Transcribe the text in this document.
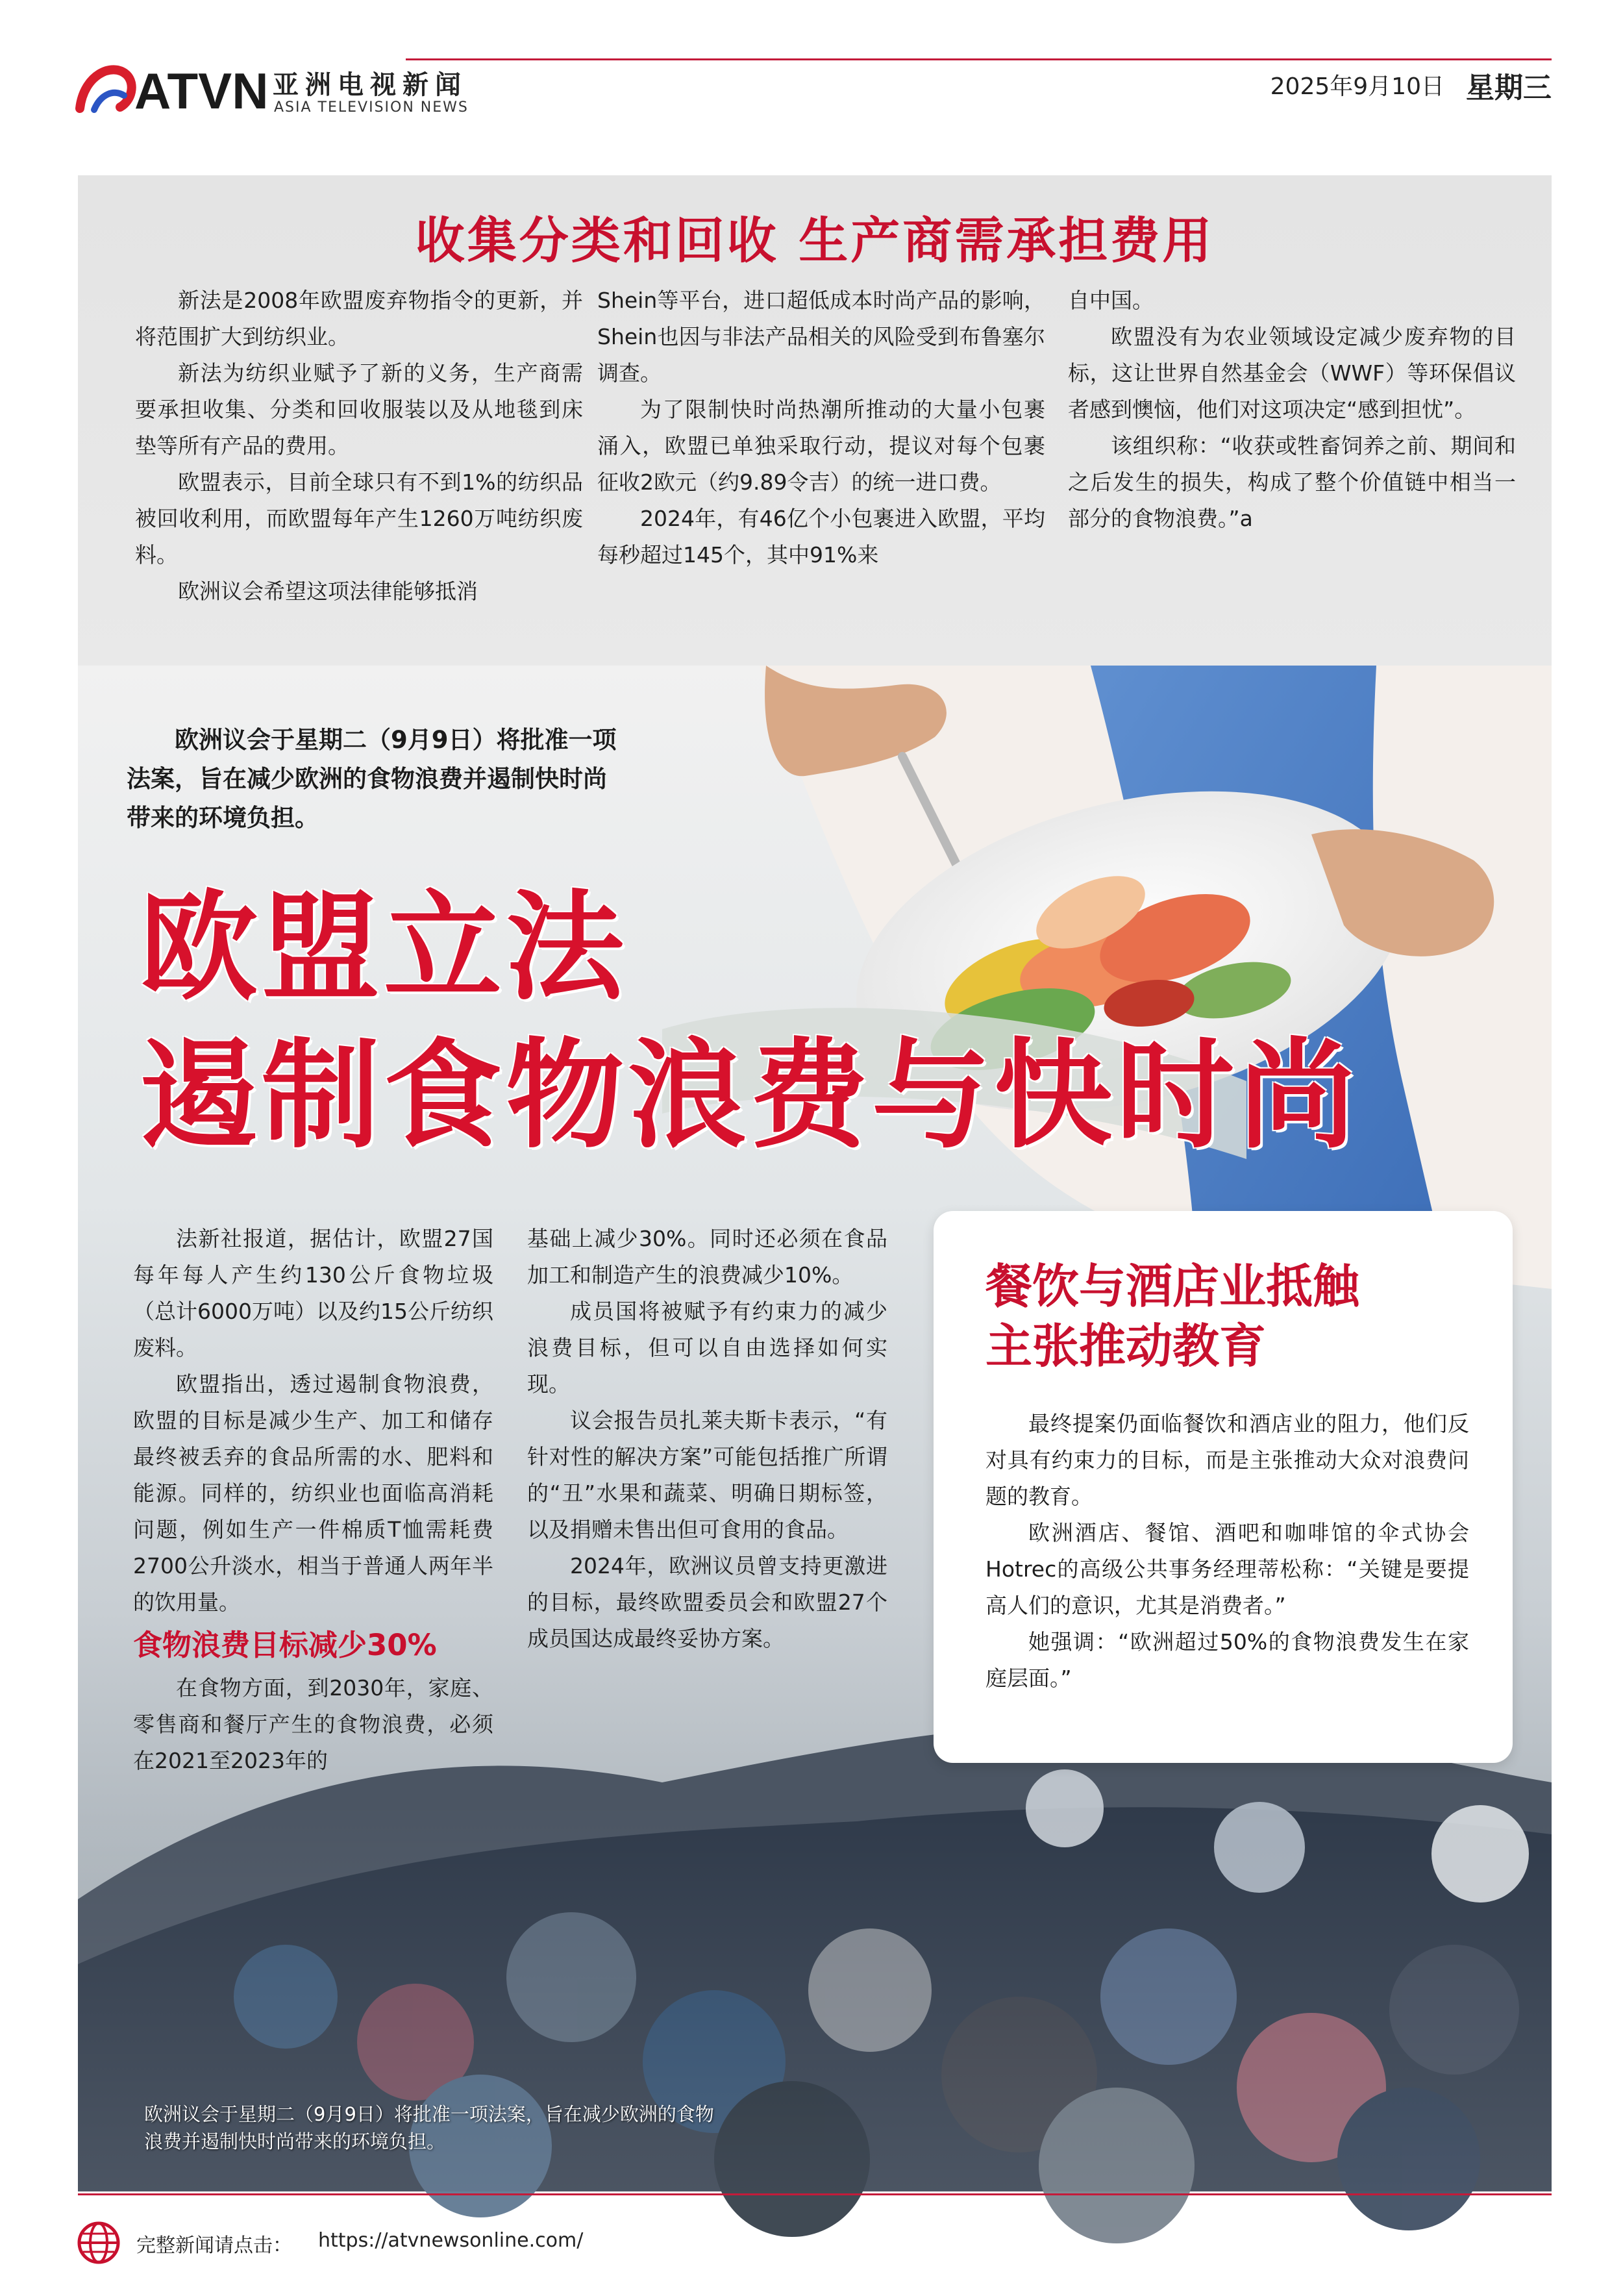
ATVN 亚洲电视新闻
ASIA TELEVISION NEWS
2025年9月10日 星期三
收集分类和回收 生产商需承担费用

新法是2008年欧盟废弃物指令的更新，并将范围扩大到纺织业。

新法为纺织业赋予了新的义务，生产商需要承担收集、分类和回收服装以及从地毯到床垫等所有产品的费用。

欧盟表示，目前全球只有不到1%的纺织品被回收利用，而欧盟每年产生1260万吨纺织废料。

欧洲议会希望这项法律能够抵消

Shein等平台，进口超低成本时尚产品的影响，Shein也因与非法产品相关的风险受到布鲁塞尔调查。

为了限制快时尚热潮所推动的大量小包裹涌入，欧盟已单独采取行动，提议对每个包裹征收2欧元（约9.89令吉）的统一进口费。

2024年，有46亿个小包裹进入欧盟，平均每秒超过145个，其中91%来

自中国。

欧盟没有为农业领域设定减少废弃物的目标，这让世界自然基金会（WWF）等环保倡议者感到懊恼，他们对这项决定“感到担忧”。

该组织称：“收获或牲畜饲养之前、期间和之后发生的损失，构成了整个价值链中相当一部分的食物浪费。”a

欧洲议会于星期二（9月9日）将批准一项法案，旨在减少欧洲的食物浪费并遏制快时尚带来的环境负担。

欧盟立法
遏制食物浪费与快时尚

法新社报道，据估计，欧盟27国每年每人产生约130公斤食物垃圾（总计6000万吨）以及约15公斤纺织废料。

欧盟指出，透过遏制食物浪费，欧盟的目标是减少生产、加工和储存最终被丢弃的食品所需的水、肥料和能源。同样的，纺织业也面临高消耗问题，例如生产一件棉质T恤需耗费2700公升淡水，相当于普通人两年半的饮用量。

食物浪费目标减少30%

在食物方面，到2030年，家庭、零售商和餐厅产生的食物浪费，必须在2021至2023年的

基础上减少30%。同时还必须在食品加工和制造产生的浪费减少10%。

成员国将被赋予有约束力的减少浪费目标，但可以自由选择如何实现。

议会报告员扎莱夫斯卡表示，“有针对性的解决方案”可能包括推广所谓的“丑”水果和蔬菜、明确日期标签，以及捐赠未售出但可食用的食品。

2024年，欧洲议员曾支持更激进的目标，最终欧盟委员会和欧盟27个成员国达成最终妥协方案。

餐饮与酒店业抵触
主张推动教育

最终提案仍面临餐饮和酒店业的阻力，他们反对具有约束力的目标，而是主张推动大众对浪费问题的教育。

欧洲酒店、餐馆、酒吧和咖啡馆的伞式协会Hotrec的高级公共事务经理蒂松称：“关键是要提高人们的意识，尤其是消费者。”

她强调：“欧洲超过50%的食物浪费发生在家庭层面。”

欧洲议会于星期二（9月9日）将批准一项法案，旨在减少欧洲的食物浪费并遏制快时尚带来的环境负担。
完整新闻请点击： https://atvnewsonline.com/
